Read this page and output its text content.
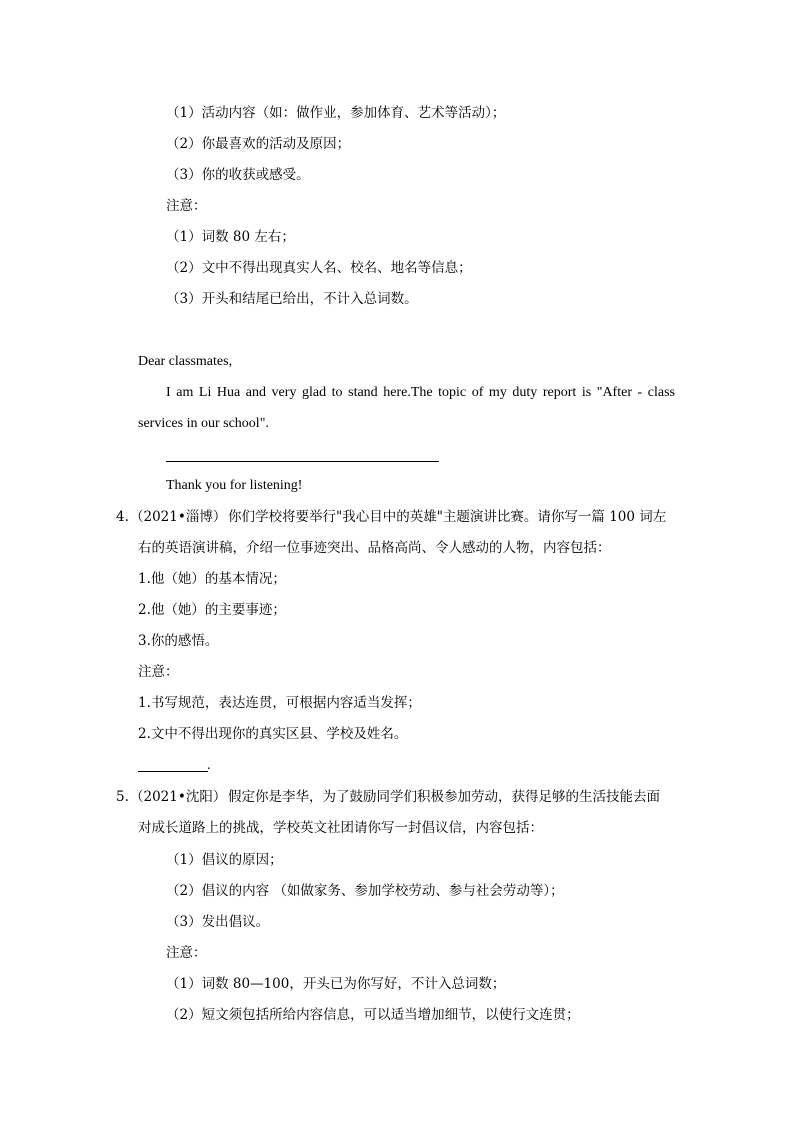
（1）活动内容（如：做作业，参加体育、艺术等活动）；
（2）你最喜欢的活动及原因；
（3）你的收获或感受。
注意：
（1）词数 80 左右；
（2）文中不得出现真实人名、校名、地名等信息；
（3）开头和结尾已给出，不计入总词数。
Dear classmates,
I am Li Hua and very glad to stand here.The topic of my duty report is "After - class
services in our school".
Thank you for listening!
4. （2021•淄博） 你们学校将要举行"我心目中的英雄"主题演讲比赛。请你写一篇 100 词左
右的英语演讲稿，介绍一位事迹突出、品格高尚、令人感动的人物，内容包括：
1.他（她）的基本情况；
2.他（她）的主要事迹；
3.你的感悟。
注意：
1.书写规范，表达连贯，可根据内容适当发挥；
2.文中不得出现你的真实区县、学校及姓名。
.
5. （2021•沈阳） 假定你是李华，为了鼓励同学们积极参加劳动，获得足够的生活技能去面
对成长道路上的挑战，学校英文社团请你写一封倡议信，内容包括：
（1）倡议的原因；
（2）倡议的内容 （如做家务、参加学校劳动、参与社会劳动等）；
（3）发出倡议。
注意：
（1）词数 80—100，开头已为你写好，不计入总词数；
（2）短文须包括所给内容信息，可以适当增加细节，以使行文连贯；
